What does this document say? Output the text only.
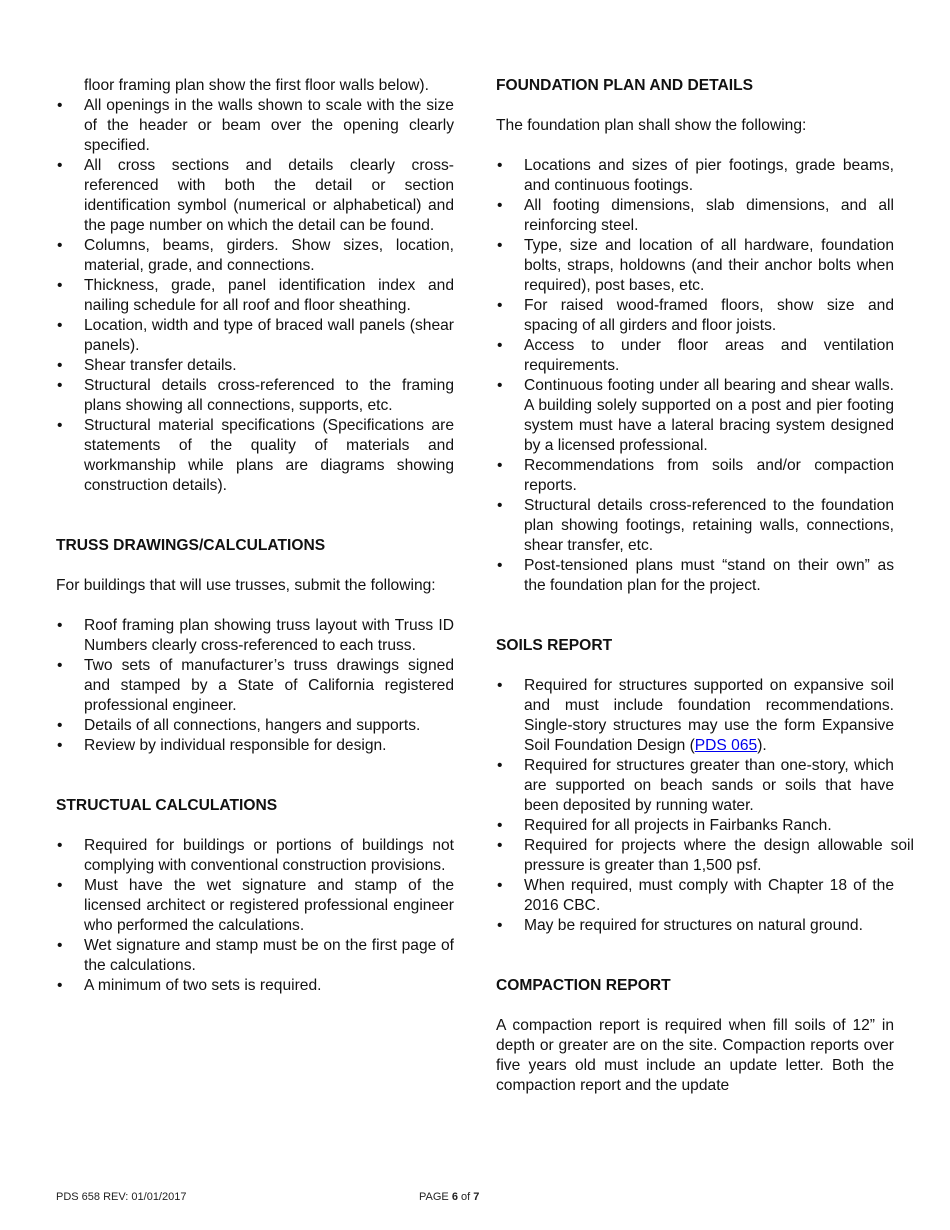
floor framing plan show the first floor walls below).
• All openings in the walls shown to scale with the size of the header or beam over the opening clearly specified.
• All cross sections and details clearly cross-referenced with both the detail or section identification symbol (numerical or alphabetical) and the page number on which the detail can be found.
• Columns, beams, girders. Show sizes, location, material, grade, and connections.
• Thickness, grade, panel identification index and nailing schedule for all roof and floor sheathing.
• Location, width and type of braced wall panels (shear panels).
• Shear transfer details.
• Structural details cross-referenced to the framing plans showing all connections, supports, etc.
• Structural material specifications (Specifications are statements of the quality of materials and workmanship while plans are diagrams showing construction details).
TRUSS DRAWINGS/CALCULATIONS

For buildings that will use trusses, submit the following:

• Roof framing plan showing truss layout with Truss ID Numbers clearly cross-referenced to each truss.
• Two sets of manufacturer’s truss drawings signed and stamped by a State of California registered professional engineer.
• Details of all connections, hangers and supports.
• Review by individual responsible for design.
STRUCTUAL CALCULATIONS
• Required for buildings or portions of buildings not complying with conventional construction provisions.
• Must have the wet signature and stamp of the licensed architect or registered professional engineer who performed the calculations.
• Wet signature and stamp must be on the first page of the calculations.
• A minimum of two sets is required.
FOUNDATION PLAN AND DETAILS

The foundation plan shall show the following:

• Locations and sizes of pier footings, grade beams, and continuous footings.
• All footing dimensions, slab dimensions, and all reinforcing steel.
• Type, size and location of all hardware, foundation bolts, straps, holdowns (and their anchor bolts when required), post bases, etc.
• For raised wood-framed floors, show size and spacing of all girders and floor joists.
• Access to under floor areas and ventilation requirements.
• Continuous footing under all bearing and shear walls. A building solely supported on a post and pier footing system must have a lateral bracing system designed by a licensed professional.
• Recommendations from soils and/or compaction reports.
• Structural details cross-referenced to the foundation plan showing footings, retaining walls, connections, shear transfer, etc.
• Post-tensioned plans must “stand on their own” as the foundation plan for the project.
SOILS REPORT
• Required for structures supported on expansive soil and must include foundation recommendations. Single-story structures may use the form Expansive Soil Foundation Design (PDS 065).
• Required for structures greater than one-story, which are supported on beach sands or soils that have been deposited by running water.
• Required for all projects in Fairbanks Ranch.
• Required for projects where the design allowable soil pressure is greater than 1,500 psf.
• When required, must comply with Chapter 18 of the 2016 CBC.
• May be required for structures on natural ground.
COMPACTION REPORT

A compaction report is required when fill soils of 12” in depth or greater are on the site. Compaction reports over five years old must include an update letter. Both the compaction report and the update

PDS 658 REV: 01/01/2017	PAGE 6 of 7
